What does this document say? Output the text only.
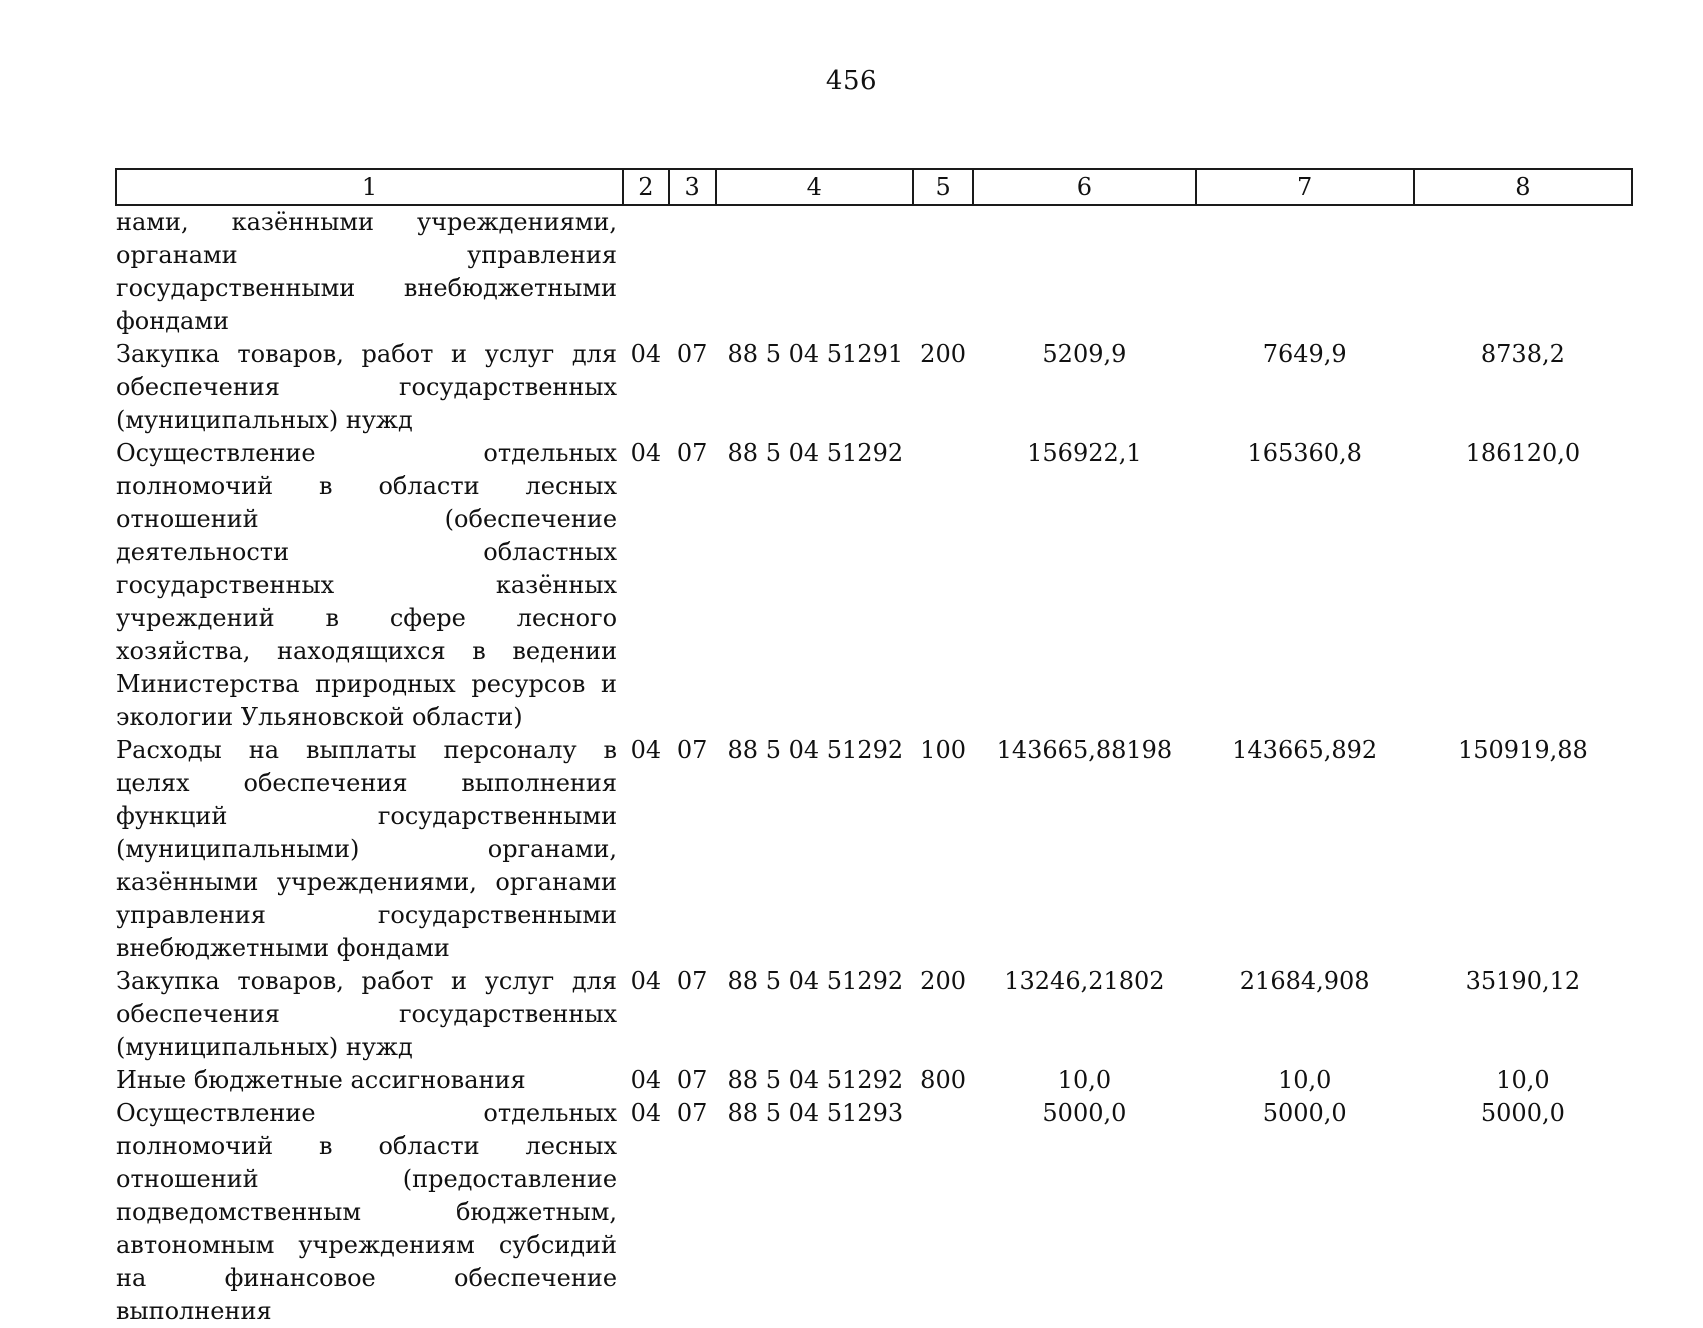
456
1	2	3	4	5	6	7	8
нами, казёнными учреждениями, органами управления государственными внебюджетными фондами							
Закупка товаров, работ и услуг для обеспечения государственных (муниципальных) нужд	04	07	88 5 04 51291	200	5209,9	7649,9	8738,2
Осуществление отдельных полномочий в области лесных отношений (обеспечение деятельности областных государственных казённых учреждений в сфере лесного хозяйства, находящихся в ведении Министерства природных ресурсов и экологии Ульяновской области)	04	07	88 5 04 51292		156922,1	165360,8	186120,0
Расходы на выплаты персоналу в целях обеспечения выполнения функций государственными (муниципальными) органами, казёнными учреждениями, органами управления государственными внебюджетными фондами	04	07	88 5 04 51292	100	143665,88198	143665,892	150919,88
Закупка товаров, работ и услуг для обеспечения государственных (муниципальных) нужд	04	07	88 5 04 51292	200	13246,21802	21684,908	35190,12
Иные бюджетные ассигнования	04	07	88 5 04 51292	800	10,0	10,0	10,0
Осуществление отдельных полномочий в области лесных отношений (предоставление подведомственным бюджетным, автономным учреждениям субсидий на финансовое обеспечение выполнения	04	07	88 5 04 51293		5000,0	5000,0	5000,0
